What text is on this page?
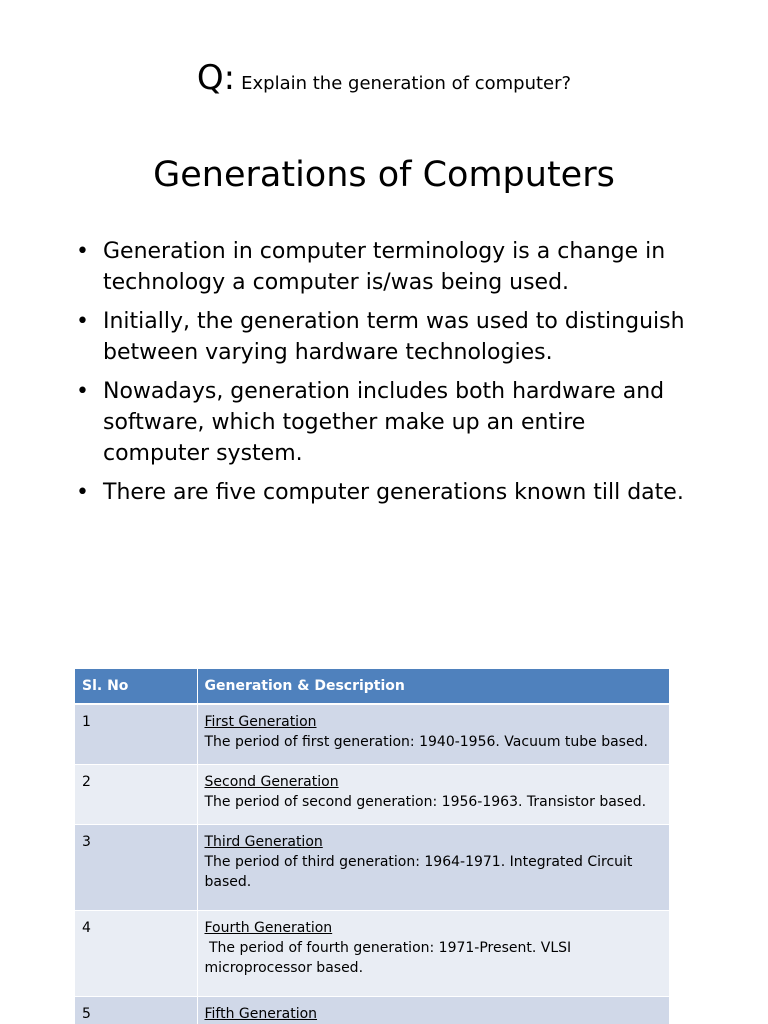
Q: Explain the generation of computer?
Generations of Computers
• Generation in computer terminology is a change in technology a computer is/was being used.
• Initially, the generation term was used to distinguish between varying hardware technologies.
• Nowadays, generation includes both hardware and software, which together make up an entire computer system.
• There are five computer generations known till date.
Sl. No	Generation & Description
1	First Generation
The period of first generation: 1940-1956. Vacuum tube based.

2	Second Generation
The period of second generation: 1956-1963. Transistor based.

3	Third Generation
The period of third generation: 1964-1971. Integrated Circuit based.

4	Fourth Generation
The period of fourth generation: 1971-Present. VLSI microprocessor based.

5	Fifth Generation
